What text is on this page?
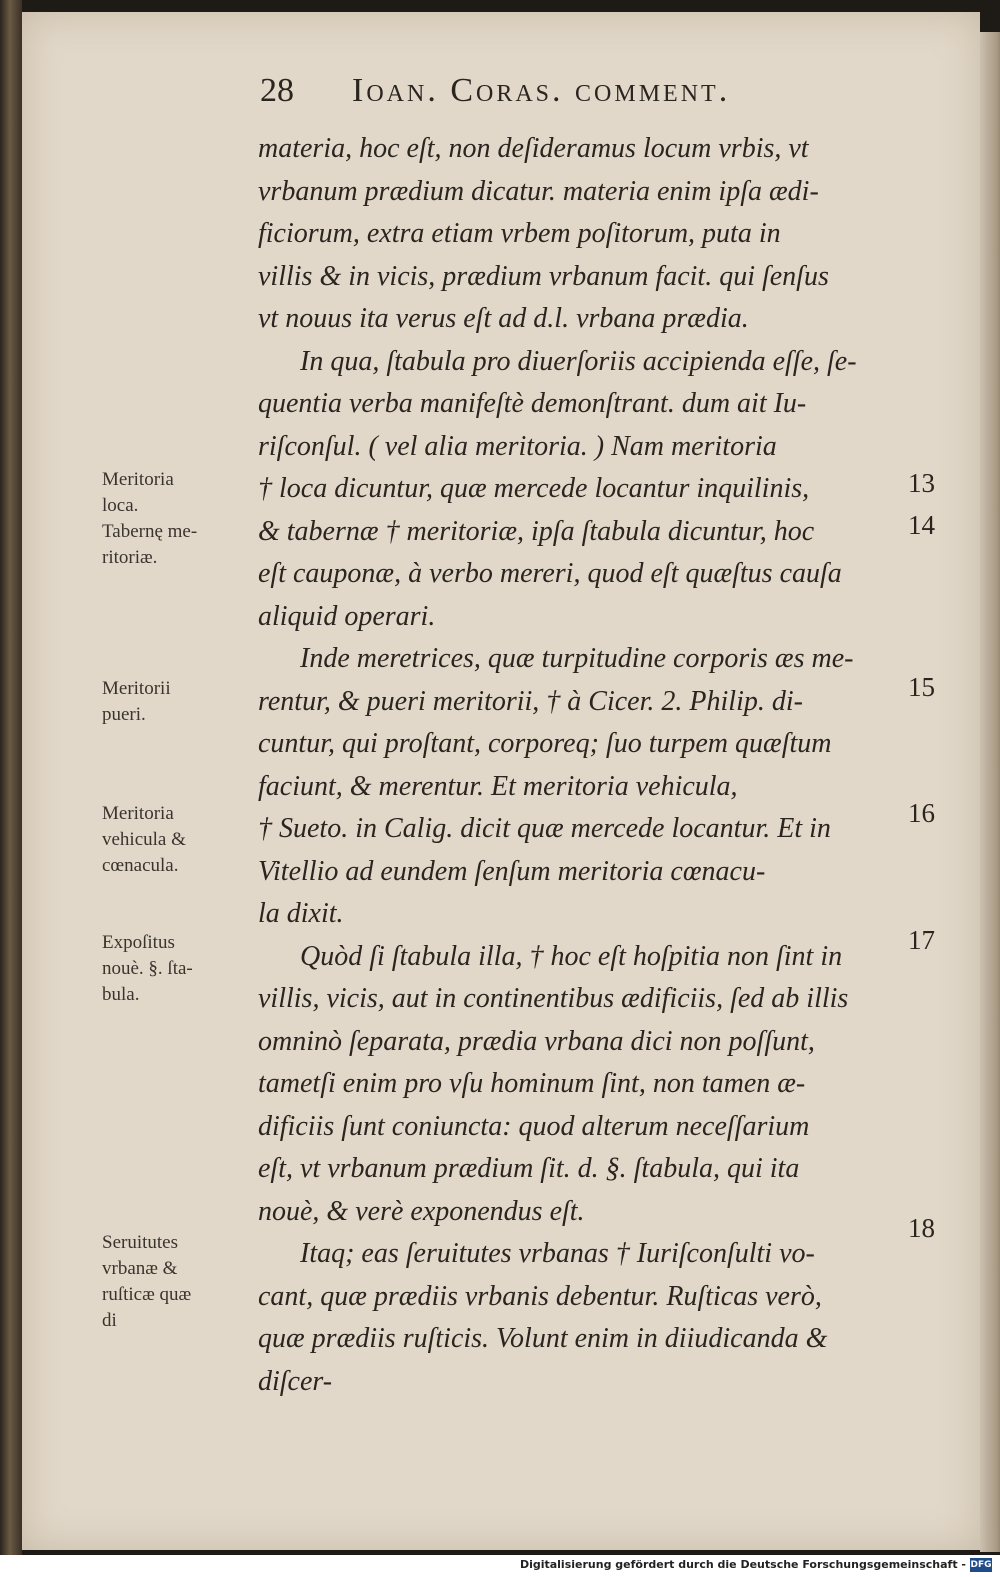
28 Ioan. Coras. comment.
materia, hoc eſt, non deſideramus locum vrbis, vt
vrbanum prædium dicatur. materia enim ipſa ædi-
ficiorum, extra etiam vrbem poſitorum, puta in
villis & in vicis, prædium vrbanum facit. qui ſenſus
vt nouus ita verus eſt ad d.l. vrbana prædia.
In qua, ſtabula pro diuerſoriis accipienda eſſe, ſe-
quentia verba manifeſtè demonſtrant. dum ait Iu-
riſconſul. ( vel alia meritoria. ) Nam meritoria
† loca dicuntur, quæ mercede locantur inquilinis,
& tabernæ † meritoriæ, ipſa ſtabula dicuntur, hoc
eſt cauponæ, à verbo mereri, quod eſt quæſtus cauſa
aliquid operari.
Inde meretrices, quæ turpitudine corporis æs me-
rentur, & pueri meritorii, † à Cicer. 2. Philip. di-
cuntur, qui proſtant, corporeq; ſuo turpem quæſtum
faciunt, & merentur. Et meritoria vehicula,
† Sueto. in Calig. dicit quæ mercede locantur. Et in
Vitellio ad eundem ſenſum meritoria cœnacu-
la dixit.
Quòd ſi ſtabula illa, † hoc eſt hoſpitia non ſint in
villis, vicis, aut in continentibus ædificiis, ſed ab illis
omninò ſeparata, prædia vrbana dici non poſſunt,
tametſi enim pro vſu hominum ſint, non tamen æ-
dificiis ſunt coniuncta: quod alterum neceſſarium
eſt, vt vrbanum prædium ſit. d. §. ſtabula, qui ita
nouè, & verè exponendus eſt.
Itaq; eas ſeruitutes vrbanas † Iuriſconſulti vo-
cant, quæ prædiis vrbanis debentur. Ruſticas verò,
quæ prædiis ruſticis. Volunt enim in diiudicanda &
diſcer-
Meritoria
loca.
Tabernę me-
ritoriæ.
Meritorii
pueri.
Meritoria
vehicula &
cœnacula.
Expoſitus
nouè. §. ſta-
bula.
Seruitutes
vrbanæ &
ruſticæ quæ
di
13
14
15
16
17
18
Digitalisierung gefördert durch die Deutsche Forschungsgemeinschaft - DFG
